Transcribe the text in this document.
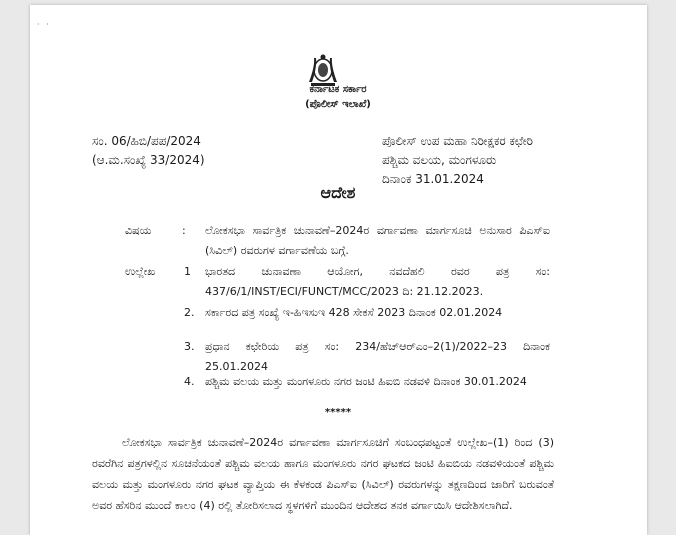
· ·
ಕರ್ನಾಟಕ ಸರ್ಕಾರ
(ಪೊಲೀಸ್ ಇಲಾಖೆ)
ಸಂ. 06/ಹಿಬಿ/ಪಪ/2024
(ಆ.ಮ.ಸಂಖ್ಯೆ 33/2024)
ಪೊಲೀಸ್ ಉಪ ಮಹಾ ನಿರೀಕ್ಷಕರ ಕಛೇರಿ
ಪಶ್ಚಿಮ ವಲಯ, ಮಂಗಳೂರು
ದಿನಾಂಕ 31.01.2024
ಆದೇಶ
ವಿಷಯ	: ಲೋಕಸಭಾ ಸಾರ್ವತ್ರಿಕ ಚುನಾವಣೆ–2024ರ ವರ್ಗಾವಣಾ ಮಾರ್ಗಸೂಚಿ ಅನುಸಾರ ಪಿಎಸ್‌ಐ (ಸಿವಿಲ್) ರವರುಗಳ ವರ್ಗಾವಣೆಯ ಬಗ್ಗೆ.
ಉಲ್ಲೇಖ	1 ಭಾರತದ ಚುನಾವಣಾ ಆಯೋಗ, ನವದೆಹಲಿ ರವರ ಪತ್ರ ಸಂ: 437/6/1/INST/ECI/FUNCT/MCC/2023 ದಿ: 21.12.2023.
2. ಸರ್ಕಾರದ ಪತ್ರ ಸಂಖ್ಯೆ ಇ-ಹಿಇಸುಇ 428 ಸೇಕಸೆ 2023 ದಿನಾಂಕ 02.01.2024
3. ಪ್ರಧಾನ ಕಛೇರಿಯ ಪತ್ರ ಸಂ: 234/ಹೆಚ್‌ಆರ್‌ಎಂ–2(1)/2022–23 ದಿನಾಂಕ 25.01.2024
4. ಪಶ್ಚಿಮ ವಲಯ ಮತ್ತು ಮಂಗಳೂರು ನಗರ ಜಂಟಿ ಹಿಐಬಿ ನಡವಳಿ ದಿನಾಂಕ 30.01.2024
*****
ಲೋಕಸಭಾ ಸಾರ್ವತ್ರಿಕ ಚುನಾವಣೆ–2024ರ ವರ್ಗಾವಣಾ ಮಾರ್ಗಸೂಚಿಗೆ ಸಂಬಂಧಪಟ್ಟಂತೆ ಉಲ್ಲೇಖ–(1) ರಿಂದ (3) ರವರೆಗಿನ ಪತ್ರಗಳಲ್ಲಿನ ಸೂಚನೆಯಂತೆ ಪಶ್ಚಿಮ ವಲಯ ಹಾಗೂ ಮಂಗಳೂರು ನಗರ ಘಟಕದ ಜಂಟಿ ಹಿಐಬಿಯ ನಡವಳಿಯಂತೆ ಪಶ್ಚಿಮ ವಲಯ ಮತ್ತು ಮಂಗಳೂರು ನಗರ ಘಟಕ ವ್ಯಾಪ್ತಿಯ ಈ ಕೆಳಕಂಡ ಪಿಎಸ್‌ಐ (ಸಿವಿಲ್) ರವರುಗಳನ್ನು ತಕ್ಷಣದಿಂದ ಜಾರಿಗೆ ಬರುವಂತೆ ಅವರ ಹೆಸರಿನ ಮುಂದೆ ಕಾಲಂ (4) ರಲ್ಲಿ ತೋರಿಸಲಾದ ಸ್ಥಳಗಳಿಗೆ ಮುಂದಿನ ಆದೇಶದ ತನಕ ವರ್ಗಾಯಿಸಿ ಆದೇಶಿಸಲಾಗಿದೆ.
